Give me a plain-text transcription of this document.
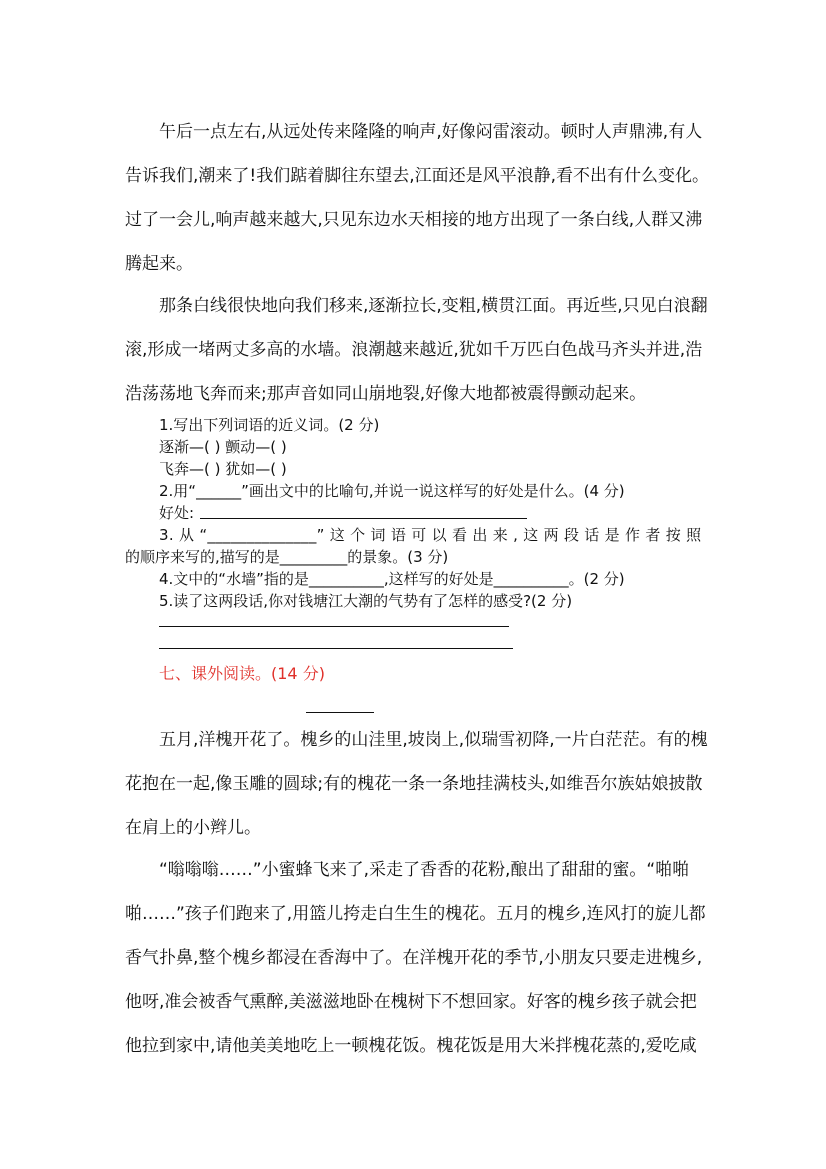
午后一点左右,从远处传来隆隆的响声,好像闷雷滚动。顿时人声鼎沸,有人
告诉我们,潮来了!我们踮着脚往东望去,江面还是风平浪静,看不出有什么变化。
过了一会儿,响声越来越大,只见东边水天相接的地方出现了一条白线,人群又沸
腾起来。
那条白线很快地向我们移来,逐渐拉长,变粗,横贯江面。再近些,只见白浪翻
滚,形成一堵两丈多高的水墙。浪潮越来越近,犹如千万匹白色战马齐头并进,浩
浩荡荡地飞奔而来;那声音如同山崩地裂,好像大地都被震得颤动起来。
1.写出下列词语的近义词。(2 分)
逐渐—( ) 颤动—( )
飞奔—( ) 犹如—( )
2.用“______”画出文中的比喻句,并说一说这样写的好处是什么。(4 分)
好处:
3. 从 “______________” 这 个 词 语 可 以 看 出 来 , 这 两 段 话 是 作 者 按 照
的顺序来写的,描写的是_________的景象。(3 分)
4.文中的“水墙”指的是__________,这样写的好处是__________。(2 分)
5.读了这两段话,你对钱塘江大潮的气势有了怎样的感受?(2 分)
七、课外阅读。(14 分)
五月,洋槐开花了。槐乡的山洼里,坡岗上,似瑞雪初降,一片白茫茫。有的槐
花抱在一起,像玉雕的圆球;有的槐花一条一条地挂满枝头,如维吾尔族姑娘披散
在肩上的小辫儿。
“嗡嗡嗡……”小蜜蜂飞来了,采走了香香的花粉,酿出了甜甜的蜜。“啪啪
啪……”孩子们跑来了,用篮儿挎走白生生的槐花。五月的槐乡,连风打的旋儿都
香气扑鼻,整个槐乡都浸在香海中了。在洋槐开花的季节,小朋友只要走进槐乡,
他呀,准会被香气熏醉,美滋滋地卧在槐树下不想回家。好客的槐乡孩子就会把
他拉到家中,请他美美地吃上一顿槐花饭。槐花饭是用大米拌槐花蒸的,爱吃咸
